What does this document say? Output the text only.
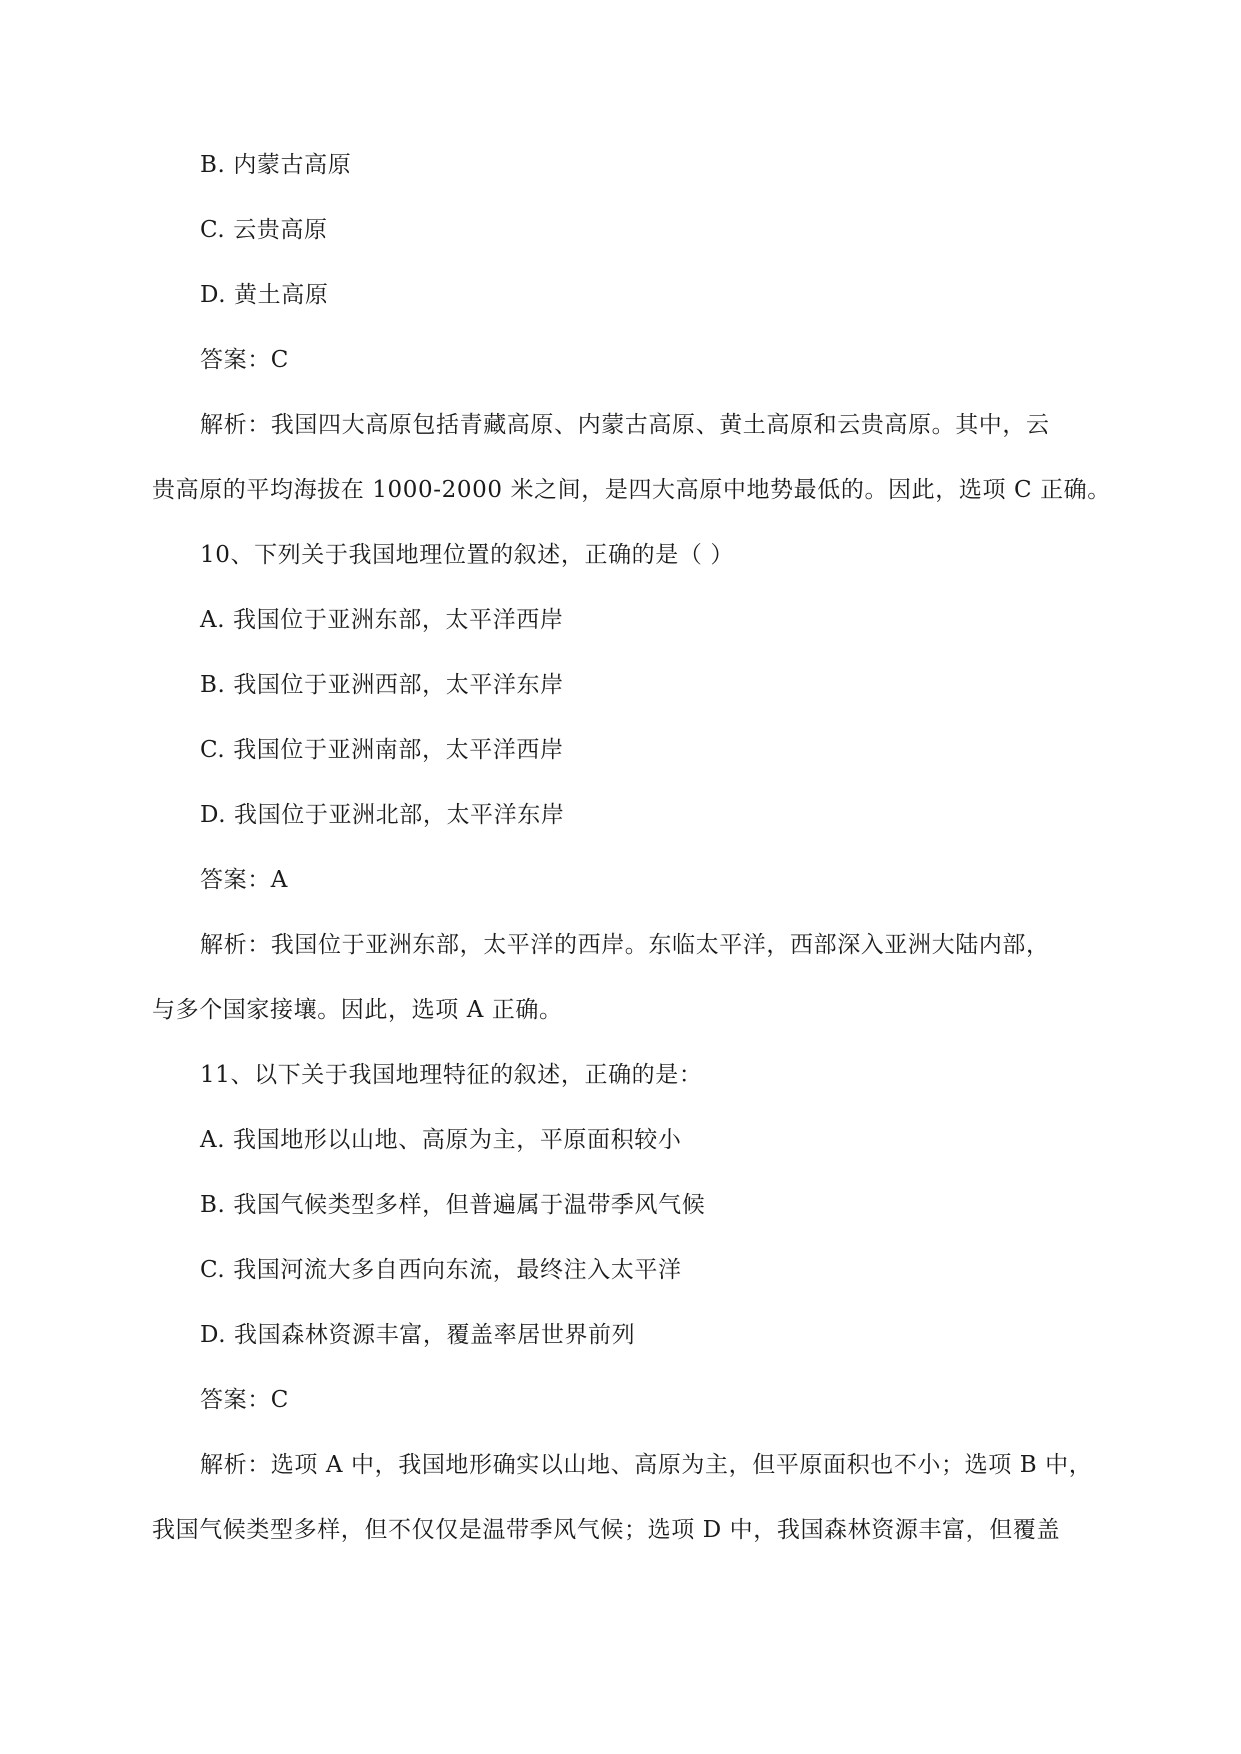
B. 内蒙古高原
C. 云贵高原
D. 黄土高原
答案：C
解析：我国四大高原包括青藏高原、内蒙古高原、黄土高原和云贵高原。其中，云
贵高原的平均海拔在 1000-2000 米之间，是四大高原中地势最低的。因此，选项 C 正确。
10、下列关于我国地理位置的叙述，正确的是（ ）
A. 我国位于亚洲东部，太平洋西岸
B. 我国位于亚洲西部，太平洋东岸
C. 我国位于亚洲南部，太平洋西岸
D. 我国位于亚洲北部，太平洋东岸
答案：A
解析：我国位于亚洲东部，太平洋的西岸。东临太平洋，西部深入亚洲大陆内部，
与多个国家接壤。因此，选项 A 正确。
11、以下关于我国地理特征的叙述，正确的是：
A. 我国地形以山地、高原为主，平原面积较小
B. 我国气候类型多样，但普遍属于温带季风气候
C. 我国河流大多自西向东流，最终注入太平洋
D. 我国森林资源丰富，覆盖率居世界前列
答案：C
解析：选项 A 中，我国地形确实以山地、高原为主，但平原面积也不小；选项 B 中，
我国气候类型多样，但不仅仅是温带季风气候；选项 D 中，我国森林资源丰富，但覆盖
